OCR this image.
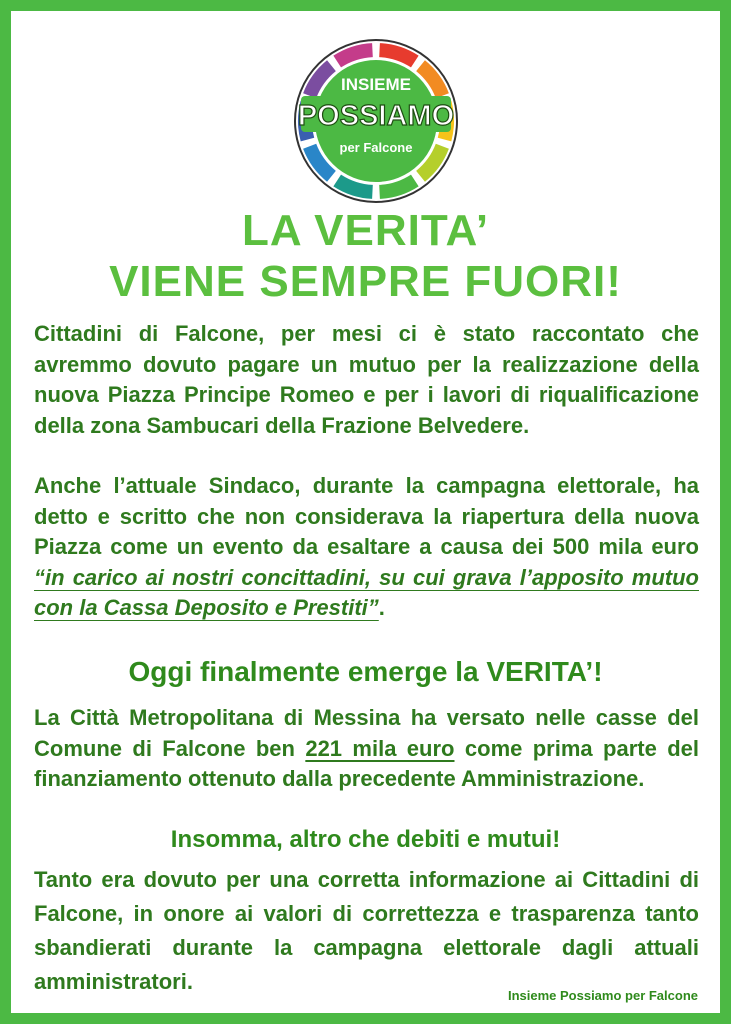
INSIEME
POSSIAMO
per Falcone
LA VERITA’
VIENE SEMPRE FUORI!

Cittadini di Falcone, per mesi ci è stato raccontato che avremmo dovuto pagare un mutuo per la realizzazione della nuova Piazza Principe Romeo e per i lavori di riqualificazione della zona Sambucari della Frazione Belvedere.

Anche l’attuale Sindaco, durante la campagna elettorale, ha detto e scritto che non considerava la riapertura della nuova Piazza come un evento da esaltare a causa dei 500 mila euro “in carico ai nostri concittadini, su cui grava l’apposito mutuo con la Cassa Deposito e Prestiti”.

Oggi finalmente emerge la VERITA’!

La Città Metropolitana di Messina ha versato nelle casse del Comune di Falcone ben 221 mila euro come prima parte del finanziamento ottenuto dalla precedente Amministrazione.

Insomma, altro che debiti e mutui!

Tanto era dovuto per una corretta informazione ai Cittadini di Falcone, in onore ai valori di correttezza e trasparenza tanto sbandierati durante la campagna elettorale dagli attuali amministratori.

Insieme Possiamo per Falcone
